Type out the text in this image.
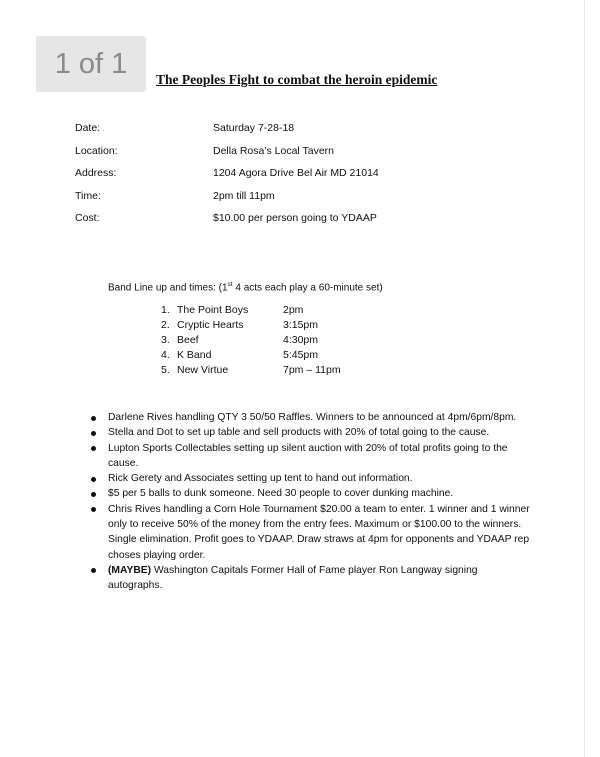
1 of 1	The Peoples Fight to combat the heroin epidemic
Date:	Saturday 7-28-18
Location:	Della Rosa’s Local Tavern
Address:	1204 Agora Drive Bel Air MD 21014
Time:	2pm till 11pm
Cost:	$10.00 per person going to YDAAP
Band Line up and times: (1st 4 acts each play a 60-minute set)
1. The Point Boys	2pm
2. Cryptic Hearts	3:15pm
3. Beef	4:30pm
4. K Band	5:45pm
5. New Virtue	7pm – 11pm

Darlene Rives handling QTY 3 50/50 Raffles. Winners to be announced at 4pm/6pm/8pm.

Stella and Dot to set up table and sell products with 20% of total going to the cause.

Lupton Sports Collectables setting up silent auction with 20% of total profits going to the cause.

Rick Gerety and Associates setting up tent to hand out information.

$5 per 5 balls to dunk someone. Need 30 people to cover dunking machine.

Chris Rives handling a Corn Hole Tournament $20.00 a team to enter. 1 winner and 1 winner only to receive 50% of the money from the entry fees. Maximum or $100.00 to the winners. Single elimination. Profit goes to YDAAP. Draw straws at 4pm for opponents and YDAAP rep choses playing order.

(MAYBE) Washington Capitals Former Hall of Fame player Ron Langway signing autographs.
